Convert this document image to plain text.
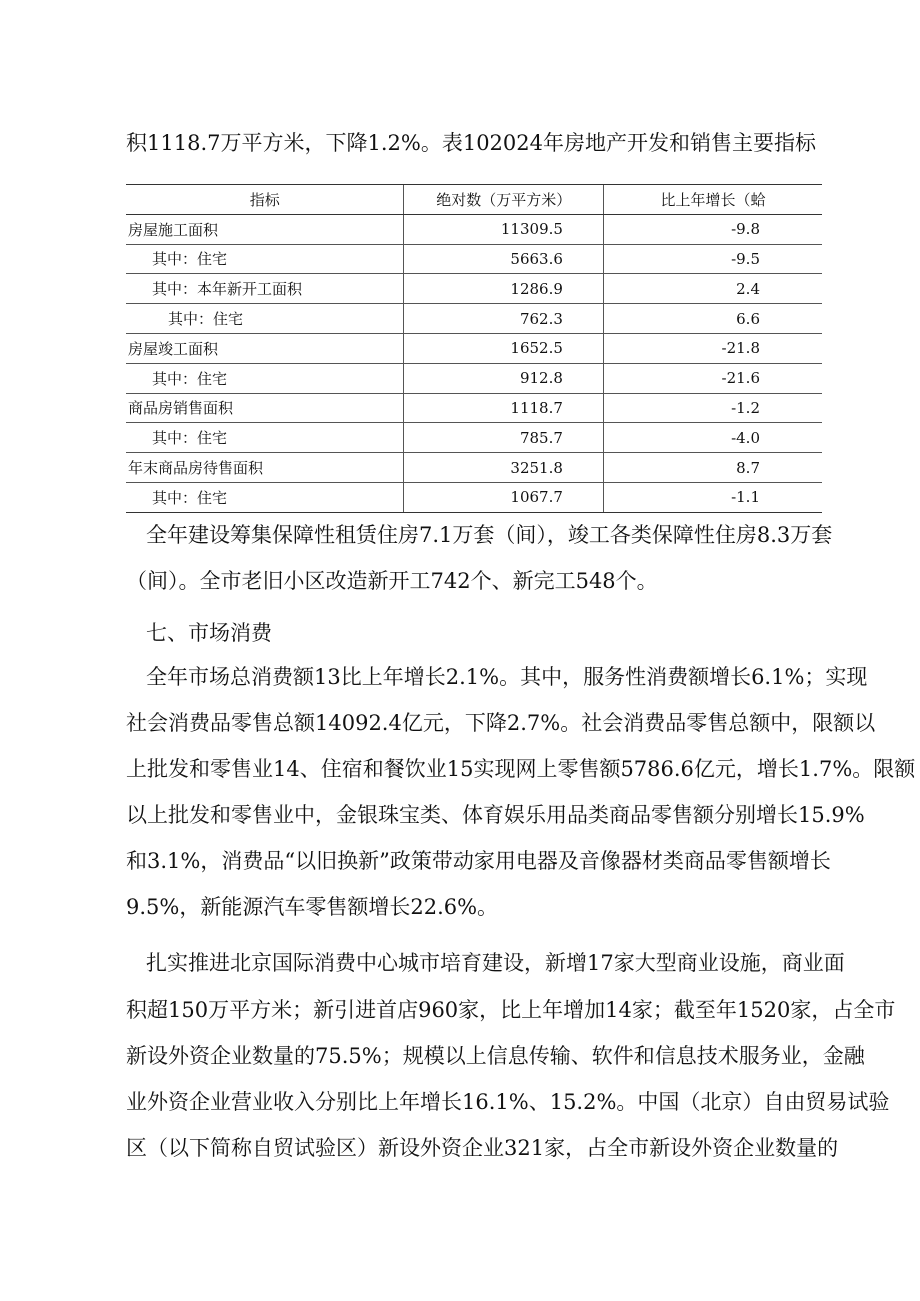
积1118.7万平方米，下降1.2%。表102024年房地产开发和销售主要指标

指标	绝对数（万平方米）	比上年增长（蛤
房屋施工面积	11309.5	-9.8
其中：住宅	5663.6	-9.5
其中：本年新开工面积	1286.9	2.4
其中：住宅	762.3	6.6
房屋竣工面积	1652.5	-21.8
其中：住宅	912.8	-21.6
商品房销售面积	1118.7	-1.2
其中：住宅	785.7	-4.0
年末商品房待售面积	3251.8	8.7
其中：住宅	1067.7	-1.1

全年建设筹集保障性租赁住房7.1万套（间），竣工各类保障性住房8.3万套

（间）。全市老旧小区改造新开工742个、新完工548个。

七、市场消费

全年市场总消费额13比上年增长2.1%。其中，服务性消费额增长6.1%；实现

社会消费品零售总额14092.4亿元，下降2.7%。社会消费品零售总额中，限额以

上批发和零售业14、住宿和餐饮业15实现网上零售额5786.6亿元，增长1.7%。限额

以上批发和零售业中，金银珠宝类、体育娱乐用品类商品零售额分别增长15.9%

和3.1%，消费品“以旧换新”政策带动家用电器及音像器材类商品零售额增长

9.5%，新能源汽车零售额增长22.6%。

扎实推进北京国际消费中心城市培育建设，新增17家大型商业设施，商业面

积超150万平方米；新引进首店960家，比上年增加14家；截至年1520家，占全市

新设外资企业数量的75.5%；规模以上信息传输、软件和信息技术服务业，金融

业外资企业营业收入分别比上年增长16.1%、15.2%。中国（北京）自由贸易试验

区（以下简称自贸试验区）新设外资企业321家，占全市新设外资企业数量的
